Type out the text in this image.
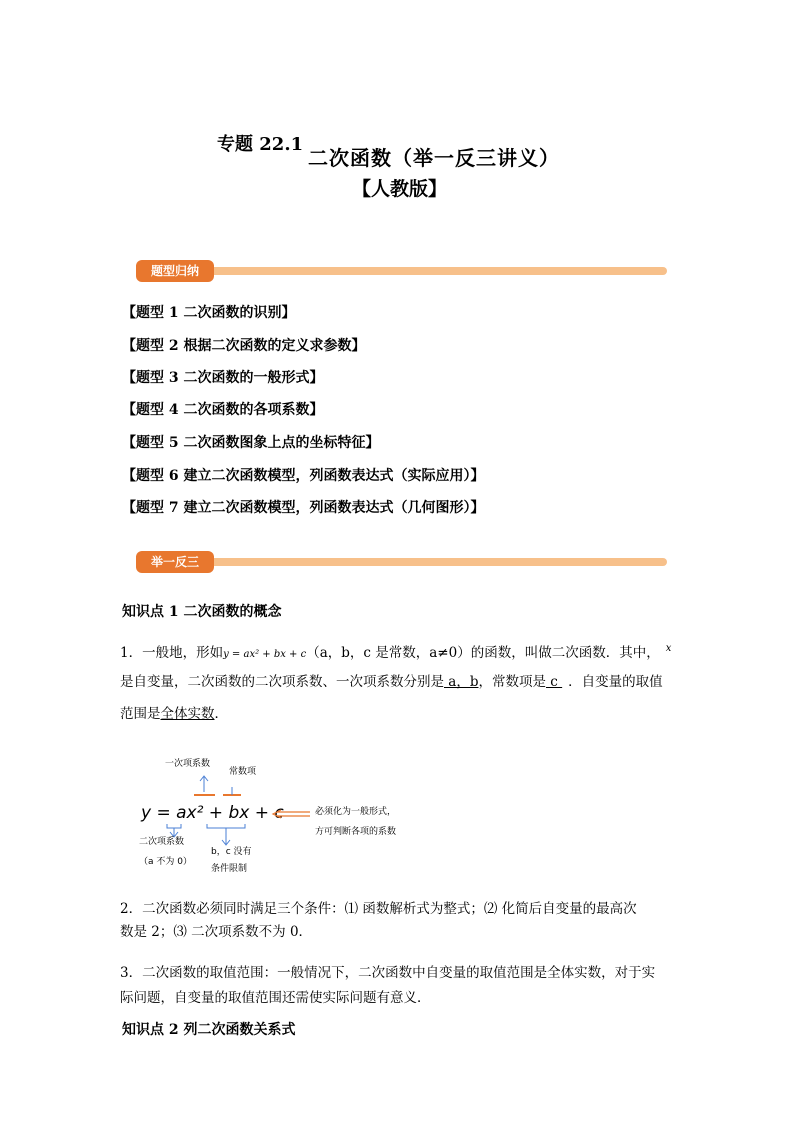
专题 22.1
二次函数（举一反三讲义）
【人教版】
题型归纳
【题型 1 二次函数的识别】
【题型 2 根据二次函数的定义求参数】
【题型 3 二次函数的一般形式】
【题型 4 二次函数的各项系数】
【题型 5 二次函数图象上点的坐标特征】
【题型 6 建立二次函数模型，列函数表达式（实际应用）】
【题型 7 建立二次函数模型，列函数表达式（几何图形）】
举一反三
知识点 1 二次函数的概念
1．一般地，形如y = ax² + bx + c（a，b，c 是常数，a≠0）的函数，叫做二次函数．其中， $^x$
是自变量，二次函数的二次项系数、一次项系数分别是 a，b，常数项是 c ．自变量的取值
范围是全体实数．
一次项系数
常数项
y = ax² + bx + c	必须化为一般形式，
方可判断各项的系数
二次项系数
（a 不为 0）
b，c 没有
条件限制
2．二次函数必须同时满足三个条件：⑴ 函数解析式为整式；⑵ 化简后自变量的最高次
数是 2；⑶ 二次项系数不为 0．
3．二次函数的取值范围：一般情况下，二次函数中自变量的取值范围是全体实数，对于实
际问题，自变量的取值范围还需使实际问题有意义．
知识点 2 列二次函数关系式
